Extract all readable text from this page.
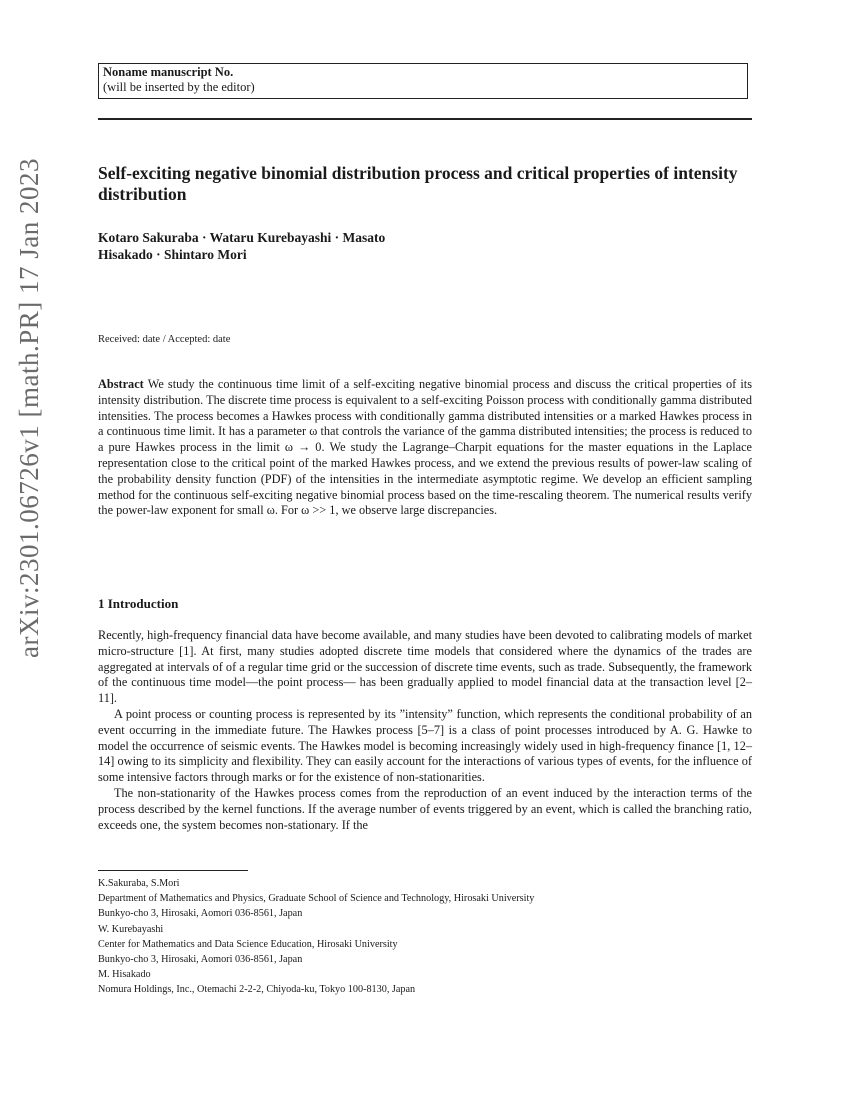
arXiv:2301.06726v1 [math.PR] 17 Jan 2023
Noname manuscript No.
(will be inserted by the editor)
Self-exciting negative binomial distribution process and critical properties of intensity distribution
Kotaro Sakuraba · Wataru Kurebayashi · Masato
Hisakado · Shintaro Mori
Received: date / Accepted: date

Abstract We study the continuous time limit of a self-exciting negative binomial process and discuss the critical properties of its intensity distribution. The discrete time process is equivalent to a self-exciting Poisson process with conditionally gamma distributed intensities. The process becomes a Hawkes process with conditionally gamma distributed intensities or a marked Hawkes process in a continuous time limit. It has a parameter ω that controls the variance of the gamma distributed intensities; the process is reduced to a pure Hawkes process in the limit ω → 0. We study the Lagrange–Charpit equations for the master equations in the Laplace representation close to the critical point of the marked Hawkes process, and we extend the previous results of power-law scaling of the probability density function (PDF) of the intensities in the intermediate asymptotic regime. We develop an efficient sampling method for the continuous self-exciting negative binomial process based on the time-rescaling theorem. The numerical results verify the power-law exponent for small ω. For ω >> 1, we observe large discrepancies.

1 Introduction

Recently, high-frequency financial data have become available, and many studies have been devoted to calibrating models of market micro-structure [1]. At first, many studies adopted discrete time models that considered where the dynamics of the trades are aggregated at intervals of of a regular time grid or the succession of discrete time events, such as trade. Subsequently, the framework of the continuous time model—the point process— has been gradually applied to model financial data at the transaction level [2–11].

A point process or counting process is represented by its ”intensity” function, which represents the conditional probability of an event occurring in the immediate future. The Hawkes process [5–7] is a class of point processes introduced by A. G. Hawke to model the occurrence of seismic events. The Hawkes model is becoming increasingly widely used in high-frequency finance [1, 12–14] owing to its simplicity and flexibility. They can easily account for the interactions of various types of events, for the influence of some intensive factors through marks or for the existence of non-stationarities.

The non-stationarity of the Hawkes process comes from the reproduction of an event induced by the interaction terms of the process described by the kernel functions. If the average number of events triggered by an event, which is called the branching ratio, exceeds one, the system becomes non-stationary. If the

K.Sakuraba, S.Mori
Department of Mathematics and Physics, Graduate School of Science and Technology, Hirosaki University
Bunkyo-cho 3, Hirosaki, Aomori 036-8561, Japan
W. Kurebayashi
Center for Mathematics and Data Science Education, Hirosaki University
Bunkyo-cho 3, Hirosaki, Aomori 036-8561, Japan
M. Hisakado
Nomura Holdings, Inc., Otemachi 2-2-2, Chiyoda-ku, Tokyo 100-8130, Japan
